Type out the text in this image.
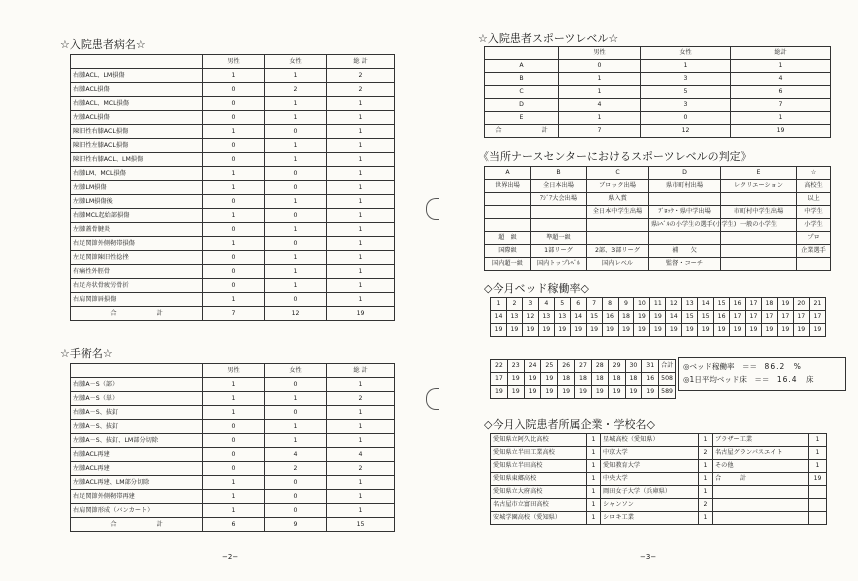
☆入院患者病名☆
	男性	女性	総 計
右膝ACL、LM損傷	1	1	2
右膝ACL損傷	0	2	2
右膝ACL、MCL損傷	0	1	1
左膝ACL損傷	0	1	1
陳旧性右膝ACL損傷	1	0	1
陳旧性左膝ACL損傷	0	1	1
陳旧性右膝ACL、LM損傷	0	1	1
右膝LM、MCL損傷	1	0	1
左膝LM損傷	1	0	1
左膝LM損傷後	0	1	1
右膝MCL起始部損傷	1	0	1
左膝蓋骨腱炎	0	1	1
右足関節外側靭帯損傷	1	0	1
左足関節陳旧性捻挫	0	1	1
有痛性外脛骨	0	1	1
右足舟状骨疲労骨折	0	1	1
右肩関節唇損傷	1	0	1
合 計	7	12	19
☆手術名☆
	男性	女性	総 計
右膝A－S（部）	1	0	1
左膝A－S（単）	1	1	2
右膝A－S、抜釘	1	0	1
左膝A－S、抜釘	0	1	1
左膝A－S、抜釘、LM部分切除	0	1	1
右膝ACL再建	0	4	4
左膝ACL再建	0	2	2
左膝ACL再建、LM部分切除	1	0	1
右足関節外側靭帯再建	1	0	1
右肩関節形成（バンカート）	1	0	1
合 計	6	9	15
−2−
☆入院患者スポーツレベル☆
	男性	女性	総計
A	0	1	1
B	1	3	4
C	1	5	6
D	4	3	7
E	1	0	1
合 計	7	12	19
《当所ナースセンターにおけるスポーツレベルの判定》
A	B	C	D	E	☆
世界出場	全日本出場	ブロック出場	県市町村出場	レクリエーション	高校生
	ｱｼﾞｱ大会出場	県入賞			以上
		全日本中学生出場	ﾌﾞﾛｯｸ・県中学出場	市町村中学生出場	中学生
			県ﾚﾍﾞﾙの小学生の選手(小学生)	一般の小学生	小学生
超　級	準超一級				プロ
国際級	1部リーグ	2部、3部リーグ	補　　欠		企業選手
国内超一級	国内トップﾚﾍﾞﾙ	国内レベル	監督・コーチ		
◇今月ベッド稼働率◇
1	2	3	4	5	6	7	8	9	10	11	12	13	14	15	16	17	18	19	20	21
14	13	12	13	13	14	15	16	18	19	19	14	15	15	16	17	17	17	17	17	17
19	19	19	19	19	19	19	19	19	19	19	19	19	19	19	19	19	19	19	19	19
22	23	24	25	26	27	28	29	30	31	合計
17	19	19	19	18	18	18	18	18	16	508
19	19	19	19	19	19	19	19	19	19	589
◎ベッド稼働率　 ＝＝　 86.2　%
◎1日平均ベッド床　 ＝＝　 16.4　床
◇今月入院患者所属企業・学校名◇
愛知県立阿久比高校	1	星城高校（愛知県）	1	ブラザー工業	1
愛知県立半田工業高校	1	中京大学	2	名古屋グランパスエイト	1
愛知県立半田高校	1	愛知教育大学	1	その他	1
愛知県東郷高校	1	中央大学	1	合　　　計	19
愛知県立大府高校	1	岡田女子大学（兵庫県）	1		
名古屋市立富田高校	1	シャンソン	2		
安城学園高校（愛知県）	1	シロキ工業	1		
−3−
